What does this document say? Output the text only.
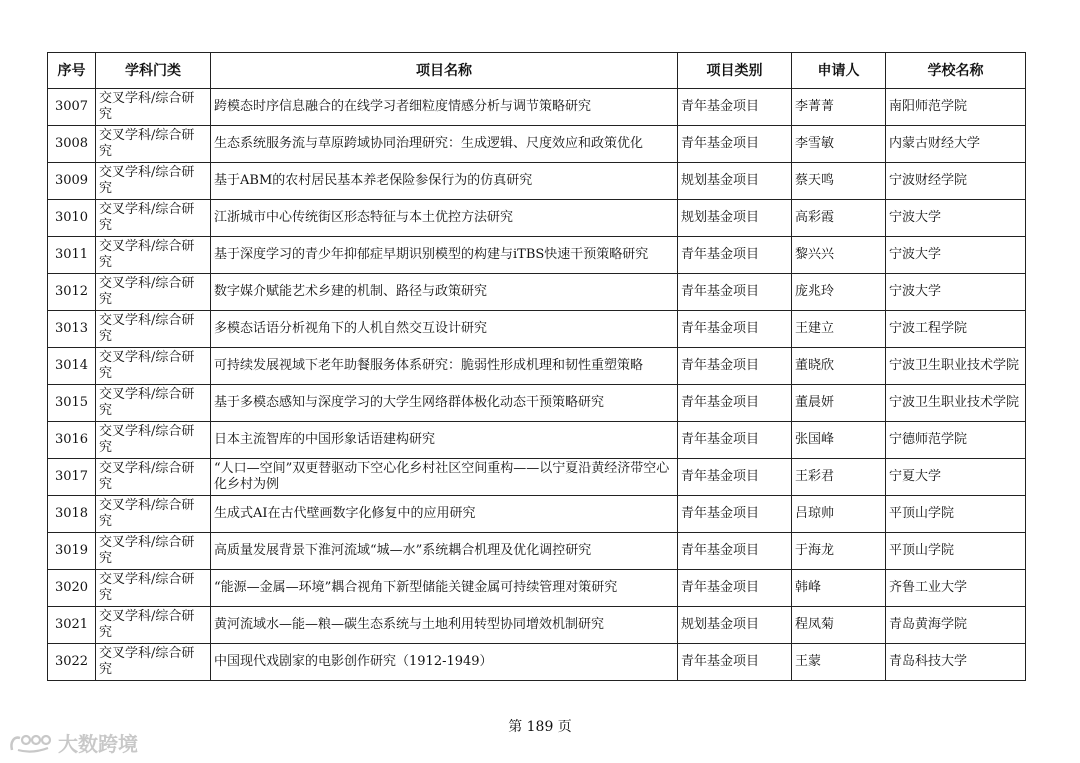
序号	学科门类	项目名称	项目类别	申请人	学校名称
3007	交叉学科/综合研究	跨模态时序信息融合的在线学习者细粒度情感分析与调节策略研究	青年基金项目	李菁菁	南阳师范学院
3008	交叉学科/综合研究	生态系统服务流与草原跨域协同治理研究：生成逻辑、尺度效应和政策优化	青年基金项目	李雪敏	内蒙古财经大学
3009	交叉学科/综合研究	基于ABM的农村居民基本养老保险参保行为的仿真研究	规划基金项目	蔡天鸣	宁波财经学院
3010	交叉学科/综合研究	江浙城市中心传统街区形态特征与本土优控方法研究	规划基金项目	高彩霞	宁波大学
3011	交叉学科/综合研究	基于深度学习的青少年抑郁症早期识别模型的构建与iTBS快速干预策略研究	青年基金项目	黎兴兴	宁波大学
3012	交叉学科/综合研究	数字媒介赋能艺术乡建的机制、路径与政策研究	青年基金项目	庞兆玲	宁波大学
3013	交叉学科/综合研究	多模态话语分析视角下的人机自然交互设计研究	青年基金项目	王建立	宁波工程学院
3014	交叉学科/综合研究	可持续发展视域下老年助餐服务体系研究：脆弱性形成机理和韧性重塑策略	青年基金项目	董晓欣	宁波卫生职业技术学院
3015	交叉学科/综合研究	基于多模态感知与深度学习的大学生网络群体极化动态干预策略研究	青年基金项目	董晨妍	宁波卫生职业技术学院
3016	交叉学科/综合研究	日本主流智库的中国形象话语建构研究	青年基金项目	张国峰	宁德师范学院
3017	交叉学科/综合研究	“人口—空间”双更替驱动下空心化乡村社区空间重构——以宁夏沿黄经济带空心化乡村为例	青年基金项目	王彩君	宁夏大学
3018	交叉学科/综合研究	生成式AI在古代壁画数字化修复中的应用研究	青年基金项目	吕琼帅	平顶山学院
3019	交叉学科/综合研究	高质量发展背景下淮河流域“城—水”系统耦合机理及优化调控研究	青年基金项目	于海龙	平顶山学院
3020	交叉学科/综合研究	“能源—金属—环境”耦合视角下新型储能关键金属可持续管理对策研究	青年基金项目	韩峰	齐鲁工业大学
3021	交叉学科/综合研究	黄河流域水—能—粮—碳生态系统与土地利用转型协同增效机制研究	规划基金项目	程凤菊	青岛黄海学院
3022	交叉学科/综合研究	中国现代戏剧家的电影创作研究（1912-1949）	青年基金项目	王蒙	青岛科技大学
第 189 页
大数跨境
